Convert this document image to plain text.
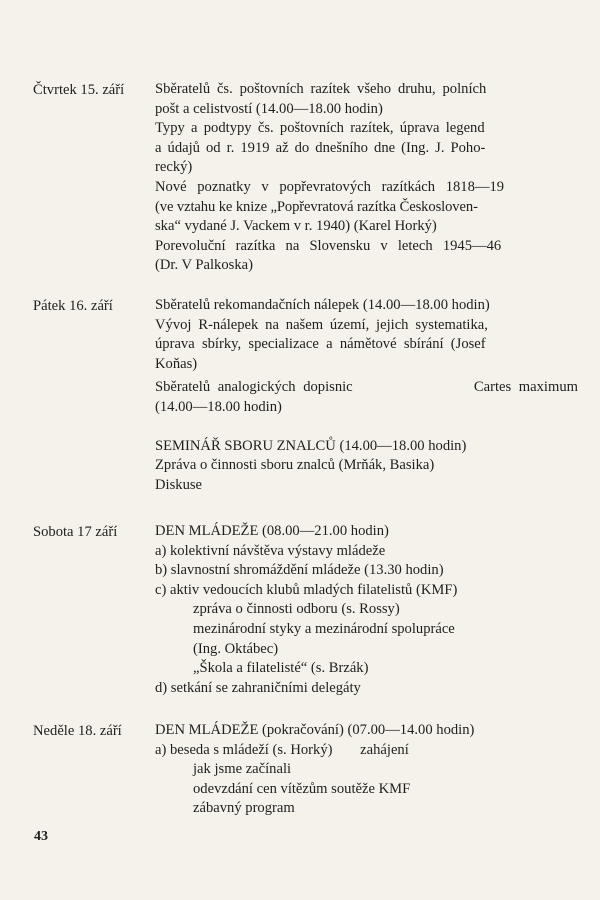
Čtvrtek 15. září	Sběratelů čs. poštovních razítek všeho druhu, polních
pošt a celistvostí (14.00—18.00 hodin)
Typy a podtypy čs. poštovních razítek, úprava legend
a údajů od r. 1919 až do dnešního dne (Ing. J. Poho-
recký)
Nové poznatky v popřevratových razítkách 1818—19
(ve vztahu ke knize „Popřevratová razítka Českosloven-
ska“ vydané J. Vackem v r. 1940) (Karel Horký)
Porevoluční razítka na Slovensku v letech 1945—46
(Dr. V Palkoska)
Pátek 16. září	Sběratelů rekomandačních nálepek (14.00—18.00 hodin)
Vývoj R-nálepek na našem území, jejich systematika,
úprava sbírky, specializace a námětové sbírání (Josef
Koňas)
Sběratelů analogických dopisnic	Cartes maximum
(14.00—18.00 hodin)
SEMINÁŘ SBORU ZNALCŮ (14.00—18.00 hodin)
Zpráva o činnosti sboru znalců (Mrňák, Basika)
Diskuse
Sobota 17 září	DEN MLÁDEŽE (08.00—21.00 hodin)
a) kolektivní návštěva výstavy mládeže
b) slavnostní shromáždění mládeže (13.30 hodin)
c) aktiv vedoucích klubů mladých filatelistů (KMF)
zpráva o činnosti odboru (s. Rossy)
mezinárodní styky a mezinárodní spolupráce
(Ing. Oktábec)
„Škola a filatelisté“ (s. Brzák)
d) setkání se zahraničními delegáty
Neděle 18. září	DEN MLÁDEŽE (pokračování) (07.00—14.00 hodin)
a) beseda s mládeží (s. Horký) zahájení
jak jsme začínali
odevzdání cen vítězům soutěže KMF
zábavný program
43
